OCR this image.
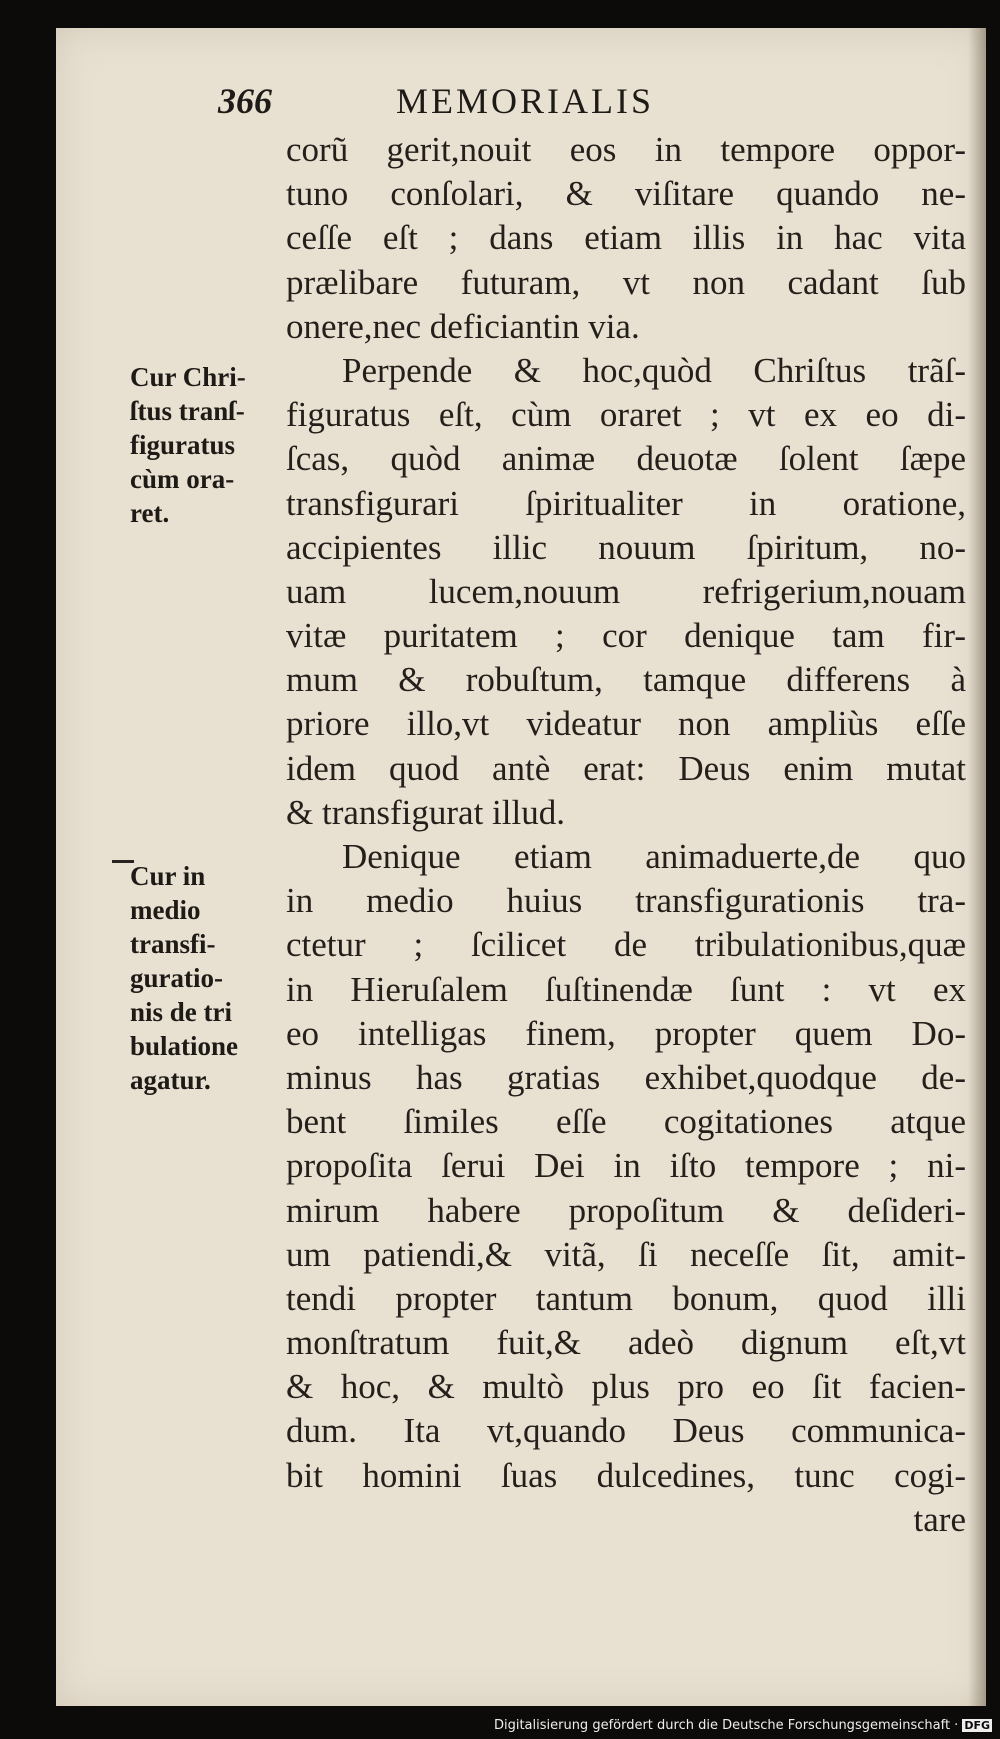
366	MEMORIALIS
Cur Chri-
ſtus tranſ-
figuratus
cùm ora-
ret.
Cur in
medio
transfi-
guratio-
nis de tri
bulatione
agatur.
corũ gerit,nouit eos in tempore oppor-
tuno conſolari, & viſitare quando ne-
ceſſe eſt ; dans etiam illis in hac vita
prælibare futuram, vt non cadant ſub
onere,nec deficiantin via.
Perpende & hoc,quòd Chriſtus trãſ-
figuratus eſt, cùm oraret ; vt ex eo di-
ſcas, quòd animæ deuotæ ſolent ſæpe
transfigurari ſpiritualiter in oratione,
accipientes illic nouum ſpiritum, no-
uam lucem,nouum refrigerium,nouam
vitæ puritatem ; cor denique tam fir-
mum & robuſtum, tamque differens à
priore illo,vt videatur non ampliùs eſſe
idem quod antè erat: Deus enim mutat
& transfigurat illud.
Denique etiam animaduerte,de quo
in medio huius transfigurationis tra-
ctetur ; ſcilicet de tribulationibus,quæ
in Hieruſalem ſuſtinendæ ſunt : vt ex
eo intelligas finem, propter quem Do-
minus has gratias exhibet,quodque de-
bent ſimiles eſſe cogitationes atque
propoſita ſerui Dei in iſto tempore ; ni-
mirum habere propoſitum & deſideri-
um patiendi,& vitã, ſi neceſſe ſit, amit-
tendi propter tantum bonum, quod illi
monſtratum fuit,& adeò dignum eſt,vt
& hoc, & multò plus pro eo ſit facien-
dum. Ita vt,quando Deus communica-
bit homini ſuas dulcedines, tunc cogi-
tare
Digitalisierung gefördert durch die Deutsche Forschungsgemeinschaft · DFG
